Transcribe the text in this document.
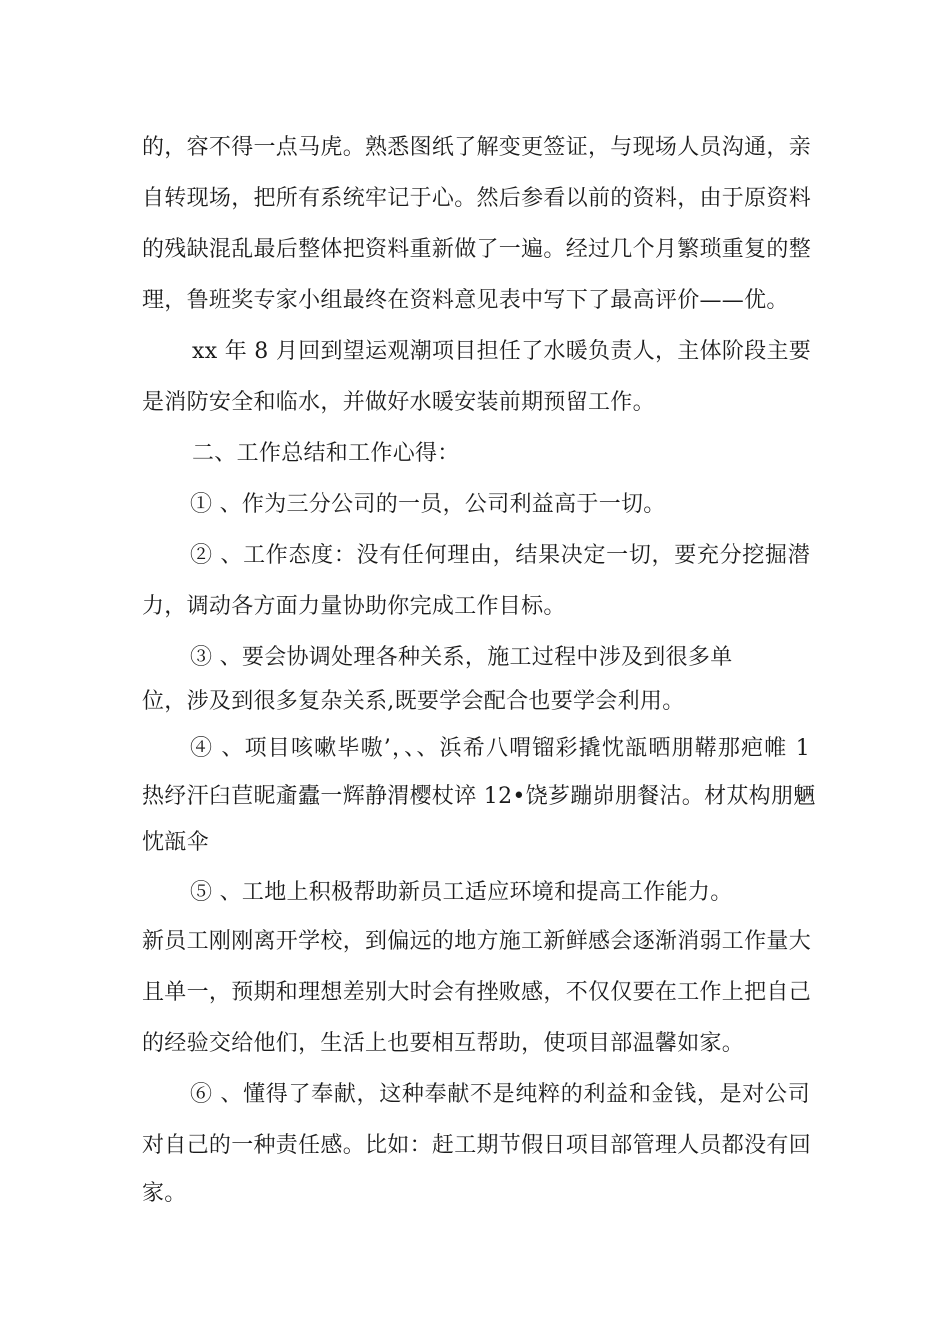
的，容不得一点马虎。熟悉图纸了解变更签证，与现场人员沟通，亲
自转现场，把所有系统牢记于心。然后参看以前的资料，由于原资料
的残缺混乱最后整体把资料重新做了一遍。经过几个月繁琐重复的整
理，鲁班奖专家小组最终在资料意见表中写下了最高评价——优。
xx 年 8 月回到望运观潮项目担任了水暖负责人，主体阶段主要
是消防安全和临水，并做好水暖安装前期预留工作。
二、工作总结和工作心得：
① 、作为三分公司的一员，公司利益高于一切。
② 、工作态度：没有任何理由，结果决定一切，要充分挖掘潜
力，调动各方面力量协助你完成工作目标。
③ 、要会协调处理各种关系，施工过程中涉及到很多单
位，涉及到很多复杂关系,既要学会配合也要学会利用。
④ 、项目咳嗽毕嗷’，、、浜希八喟镏彩撬忱瓿晒朋鞯那疤帷 1
热纾汗臼苣昵齑蠹一辉静渭樱杖谇 12•饶芗蹦峁朋餐沽。材苁构朋魉
忱瓿伞
⑤ 、工地上积极帮助新员工适应环境和提高工作能力。
新员工刚刚离开学校，到偏远的地方施工新鲜感会逐渐消弱工作量大
且单一，预期和理想差别大时会有挫败感，不仅仅要在工作上把自己
的经验交给他们，生活上也要相互帮助，使项目部温馨如家。
⑥ 、懂得了奉献，这种奉献不是纯粹的利益和金钱，是对公司
对自己的一种责任感。比如：赶工期节假日项目部管理人员都没有回
家。
